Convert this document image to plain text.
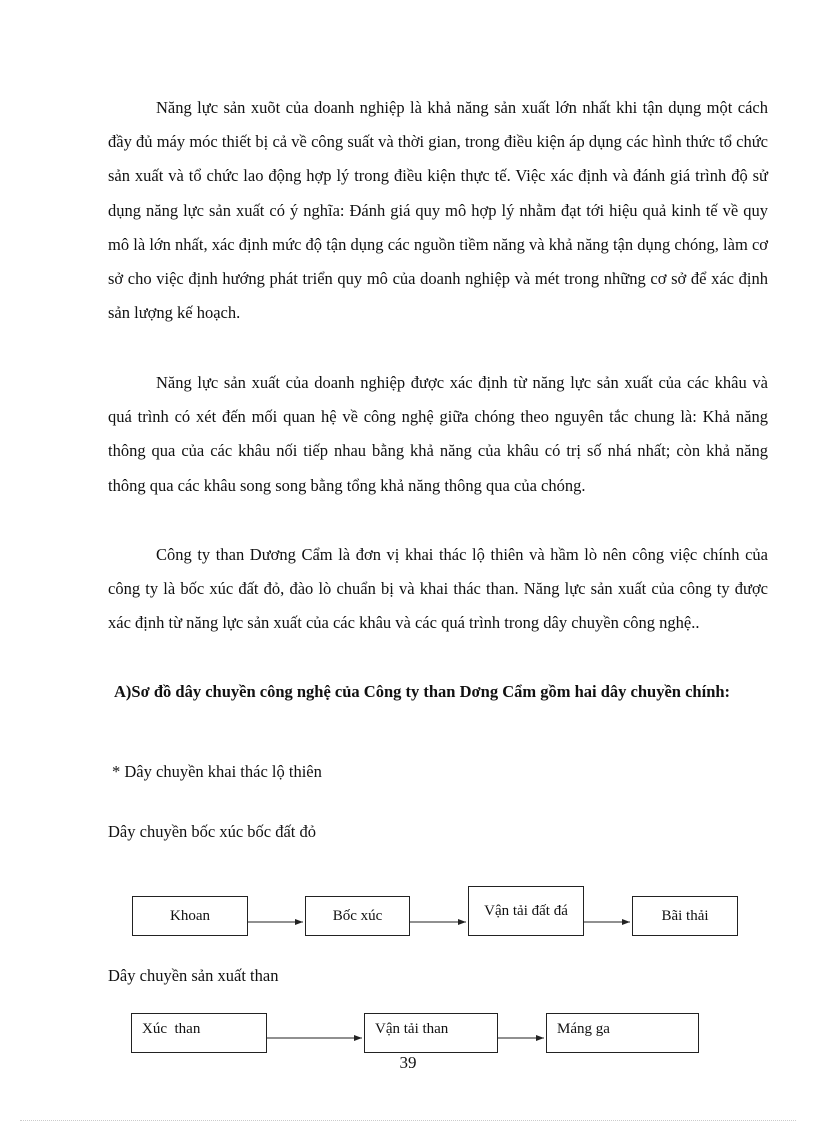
Năng lực sản xuõt của doanh nghiệp là khả năng sản xuất lớn nhất khi tận dụng một cách đầy đủ máy móc thiết bị cả về công suất và thời gian, trong điều kiện áp dụng các hình thức tổ chức sản xuất và tổ chức lao động hợp lý trong điều kiện thực tế. Việc xác định và đánh giá trình độ sử dụng năng lực sản xuất có ý nghĩa: Đánh giá quy mô hợp lý nhằm đạt tới hiệu quả kinh tế về quy mô là lớn nhất, xác định mức độ tận dụng các nguồn tiềm năng và khả năng tận dụng chóng, làm cơ sở cho việc định hướng phát triển quy mô của doanh nghiệp và mét trong những cơ sở để xác định sản lượng kế hoạch.

Năng lực sản xuất của doanh nghiệp được xác định từ năng lực sản xuất của các khâu và quá trình có xét đến mối quan hệ về công nghệ giữa chóng theo nguyên tắc chung là: Khả năng thông qua của các khâu nối tiếp nhau bằng khả năng của khâu có trị số nhá nhất; còn khả năng thông qua các khâu song song bằng tổng khả năng thông qua của chóng.

Công ty than Dương Cẩm là đơn vị khai thác lộ thiên và hầm lò nên công việc chính của công ty là bốc xúc đất đỏ, đào lò chuẩn bị và khai thác than. Năng lực sản xuất của công ty được xác định từ năng lực sản xuất của các khâu và các quá trình trong dây chuyền công nghệ..

A)Sơ đồ dây chuyền công nghệ của Công ty than Dơng Cẩm gồm hai dây chuyền chính:

* Dây chuyền khai thác lộ thiên

Dây chuyền bốc xúc bốc đất đỏ

Khoan	Bốc xúc	Vận tải đất đá	Bãi thải

Dây chuyền sản xuất than

Xúc  than	Vận tải than	Máng ga

39
